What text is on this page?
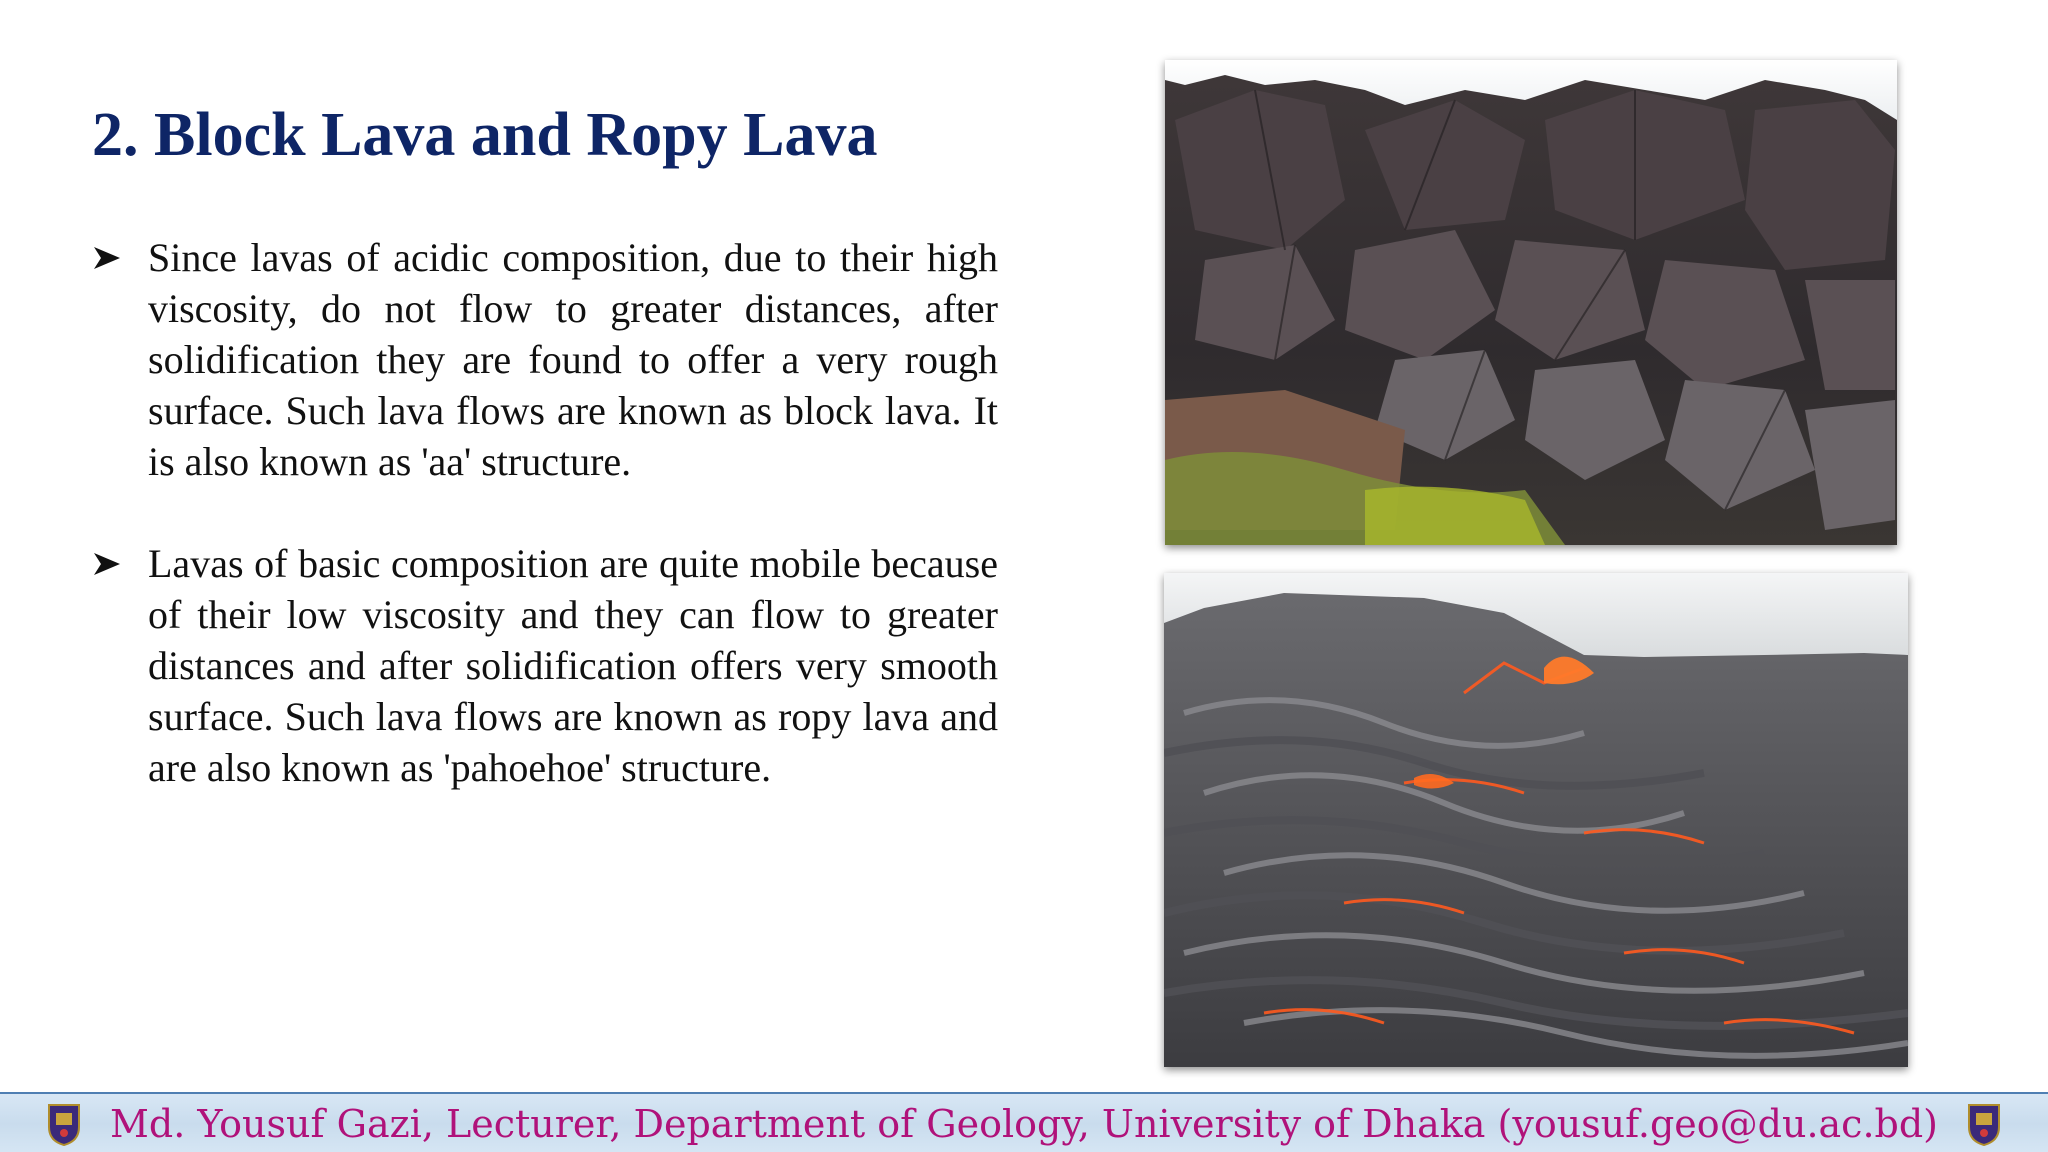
2. Block Lava and Ropy Lava

Since lavas of acidic composition, due to their high viscosity, do not flow to greater distances, after solidification they are found to offer a very rough surface. Such lava flows are known as block lava. It is also known as 'aa' structure.

Lavas of basic composition are quite mobile because of their low viscosity and they can flow to greater distances and after solidification offers very smooth surface. Such lava flows are known as ropy lava and are also known as 'pahoehoe' structure.

Md. Yousuf Gazi, Lecturer, Department of Geology, University of Dhaka (yousuf.geo@du.ac.bd)
